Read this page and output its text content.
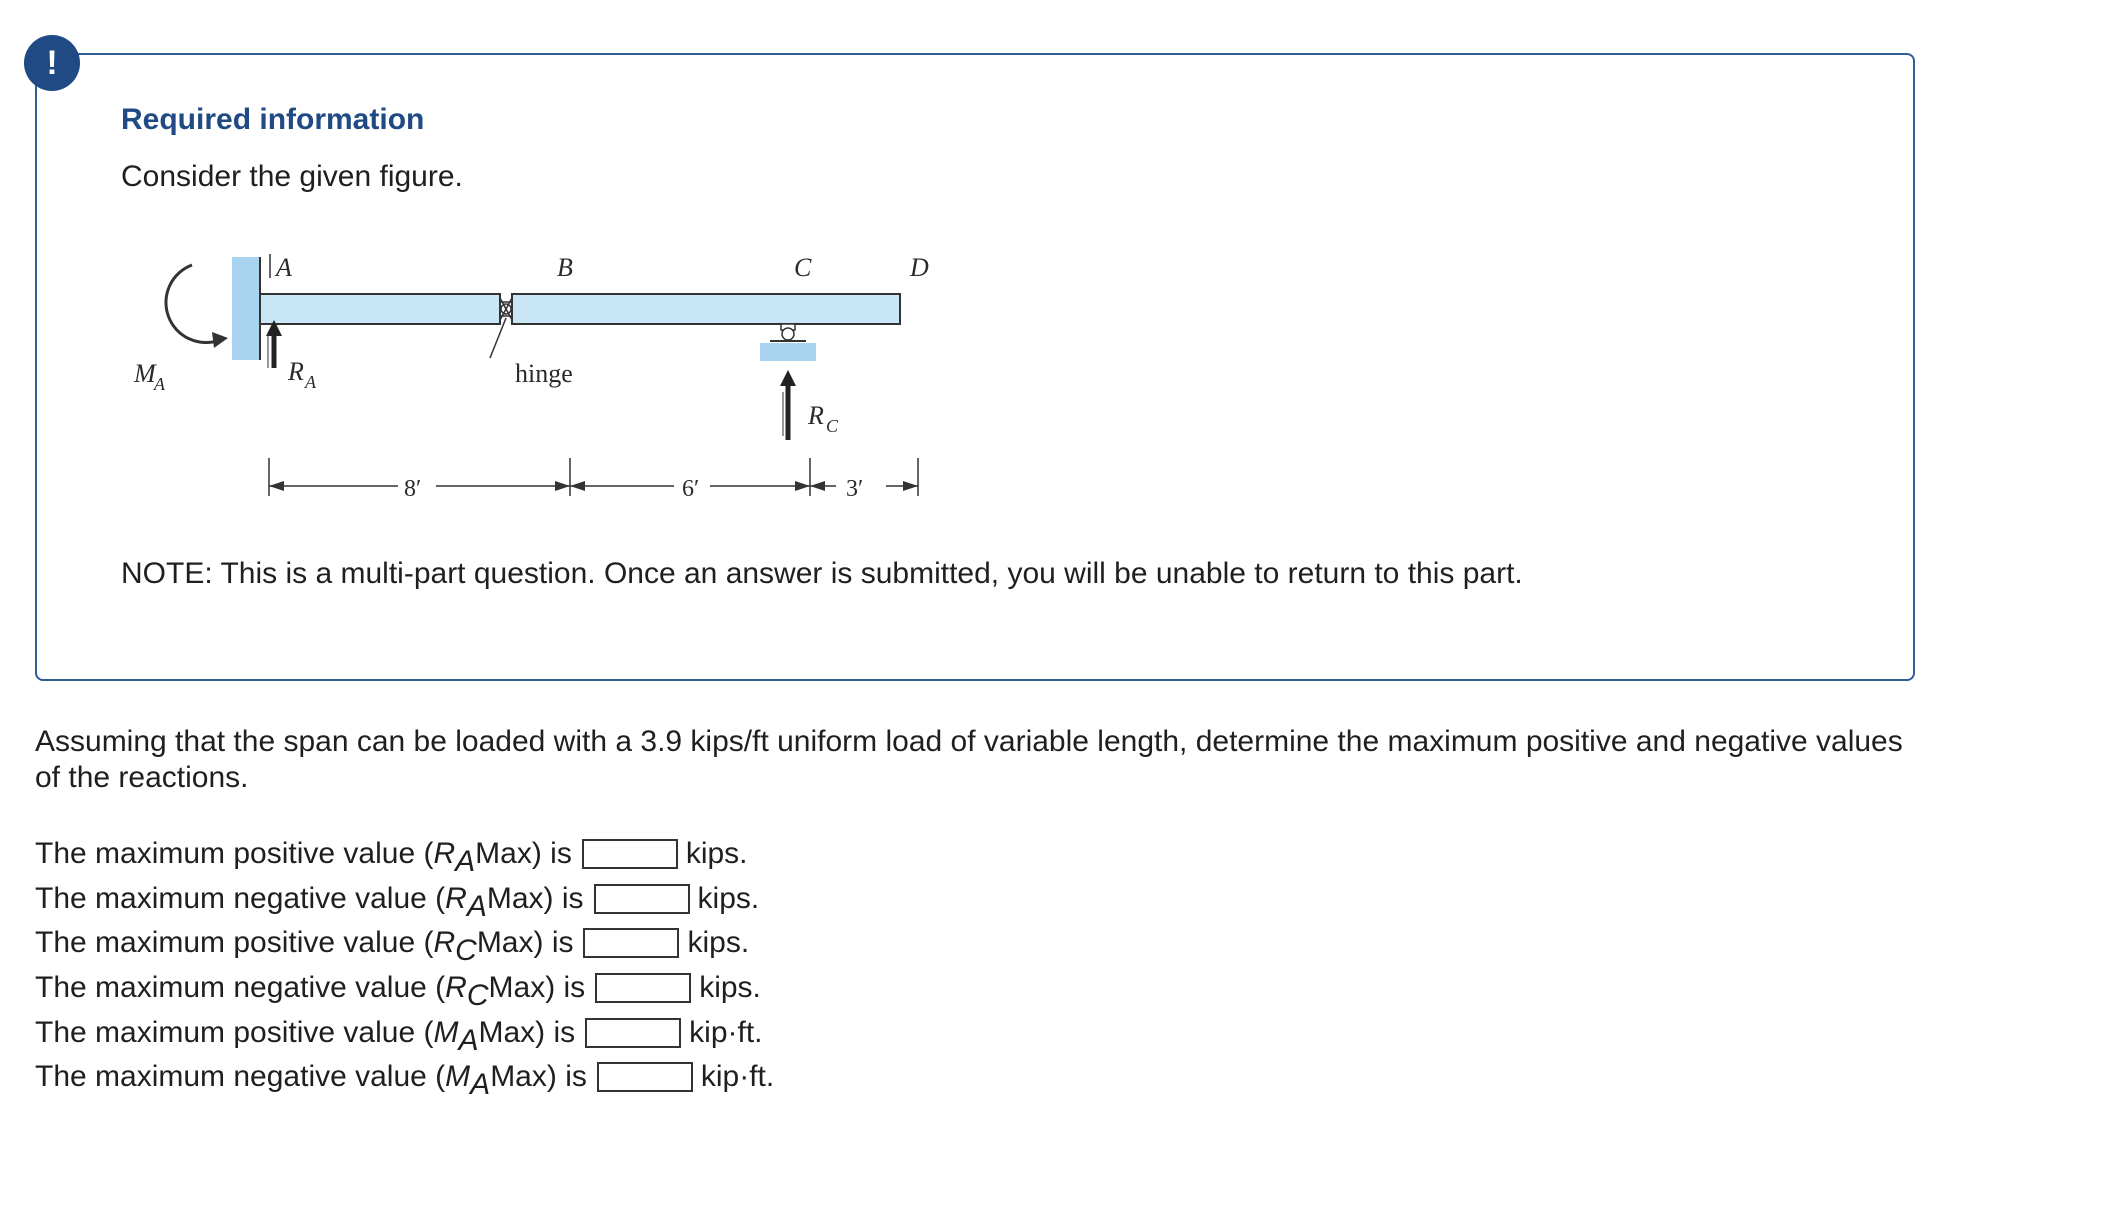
!
Required information
Consider the given figure.
M
A
A	B	C	D
R A
R C
hinge
8′	6′	3′
NOTE: This is a multi-part question. Once an answer is submitted, you will be unable to return to this part.
Assuming that the span can be loaded with a 3.9 kips/ft uniform load of variable length, determine the maximum positive and negative values of the reactions.
The maximum positive value ( R A Max) is	kips.
The maximum negative value ( R A Max) is	kips.
The maximum positive value ( R C Max) is	kips.
The maximum negative value ( R C Max) is	kips.
The maximum positive value ( M A Max) is	kip·ft.
The maximum negative value ( M A Max) is	kip·ft.
